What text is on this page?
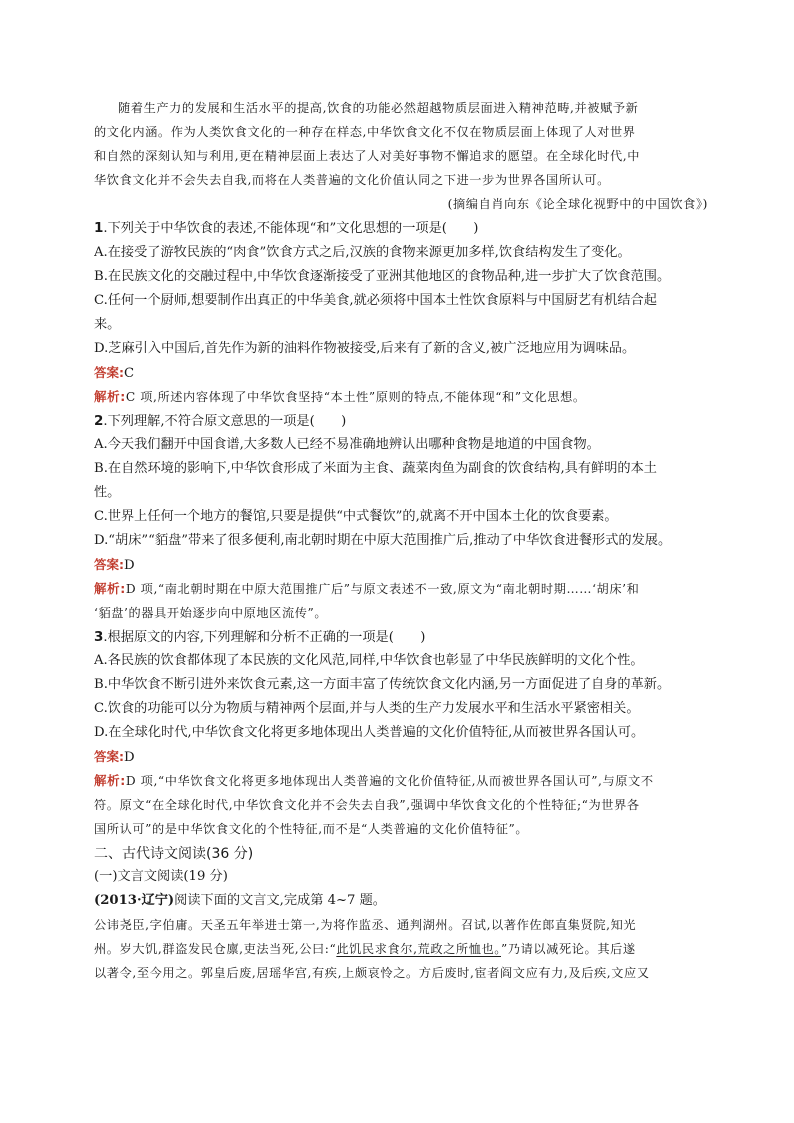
随着生产力的发展和生活水平的提高,饮食的功能必然超越物质层面进入精神范畴,并被赋予新
的文化内涵。作为人类饮食文化的一种存在样态,中华饮食文化不仅在物质层面上体现了人对世界
和自然的深刻认知与利用,更在精神层面上表达了人对美好事物不懈追求的愿望。在全球化时代,中
华饮食文化并不会失去自我,而将在人类普遍的文化价值认同之下进一步为世界各国所认可。
(摘编自肖向东《论全球化视野中的中国饮食》)
1.下列关于中华饮食的表述,不能体现“和”文化思想的一项是(　　)
A.在接受了游牧民族的“肉食”饮食方式之后,汉族的食物来源更加多样,饮食结构发生了变化。
B.在民族文化的交融过程中,中华饮食逐渐接受了亚洲其他地区的食物品种,进一步扩大了饮食范围。
C.任何一个厨师,想要制作出真正的中华美食,就必须将中国本土性饮食原料与中国厨艺有机结合起
来。
D.芝麻引入中国后,首先作为新的油料作物被接受,后来有了新的含义,被广泛地应用为调味品。
答案:C
解析:C 项,所述内容体现了中华饮食坚持“本土性”原则的特点,不能体现“和”文化思想。
2.下列理解,不符合原文意思的一项是(　　)
A.今天我们翻开中国食谱,大多数人已经不易准确地辨认出哪种食物是地道的中国食物。
B.在自然环境的影响下,中华饮食形成了米面为主食、蔬菜肉鱼为副食的饮食结构,具有鲜明的本土
性。
C.世界上任何一个地方的餐馆,只要是提供“中式餐饮”的,就离不开中国本土化的饮食要素。
D.“胡床”“貊盘”带来了很多便利,南北朝时期在中原大范围推广后,推动了中华饮食进餐形式的发展。
答案:D
解析:D 项,“南北朝时期在中原大范围推广后”与原文表述不一致,原文为“南北朝时期……‘胡床’和
‘貊盘’的器具开始逐步向中原地区流传”。
3.根据原文的内容,下列理解和分析不正确的一项是(　　)
A.各民族的饮食都体现了本民族的文化风范,同样,中华饮食也彰显了中华民族鲜明的文化个性。
B.中华饮食不断引进外来饮食元素,这一方面丰富了传统饮食文化内涵,另一方面促进了自身的革新。
C.饮食的功能可以分为物质与精神两个层面,并与人类的生产力发展水平和生活水平紧密相关。
D.在全球化时代,中华饮食文化将更多地体现出人类普遍的文化价值特征,从而被世界各国认可。
答案:D
解析:D 项,“中华饮食文化将更多地体现出人类普遍的文化价值特征,从而被世界各国认可”,与原文不
符。原文“在全球化时代,中华饮食文化并不会失去自我”,强调中华饮食文化的个性特征;“为世界各
国所认可”的是中华饮食文化的个性特征,而不是“人类普遍的文化价值特征”。
二、古代诗文阅读(36 分)
(一)文言文阅读(19 分)
(2013·辽宁)阅读下面的文言文,完成第 4~7 题。
公讳尧臣,字伯庸。天圣五年举进士第一,为将作监丞、通判湖州。召试,以著作佐郎直集贤院,知光
州。岁大饥,群盗发民仓廪,吏法当死,公曰:“此饥民求食尔,荒政之所恤也。”乃请以减死论。其后遂
以著令,至今用之。郭皇后废,居瑶华宫,有疾,上颇哀怜之。方后废时,宦者阎文应有力,及后疾,文应又
